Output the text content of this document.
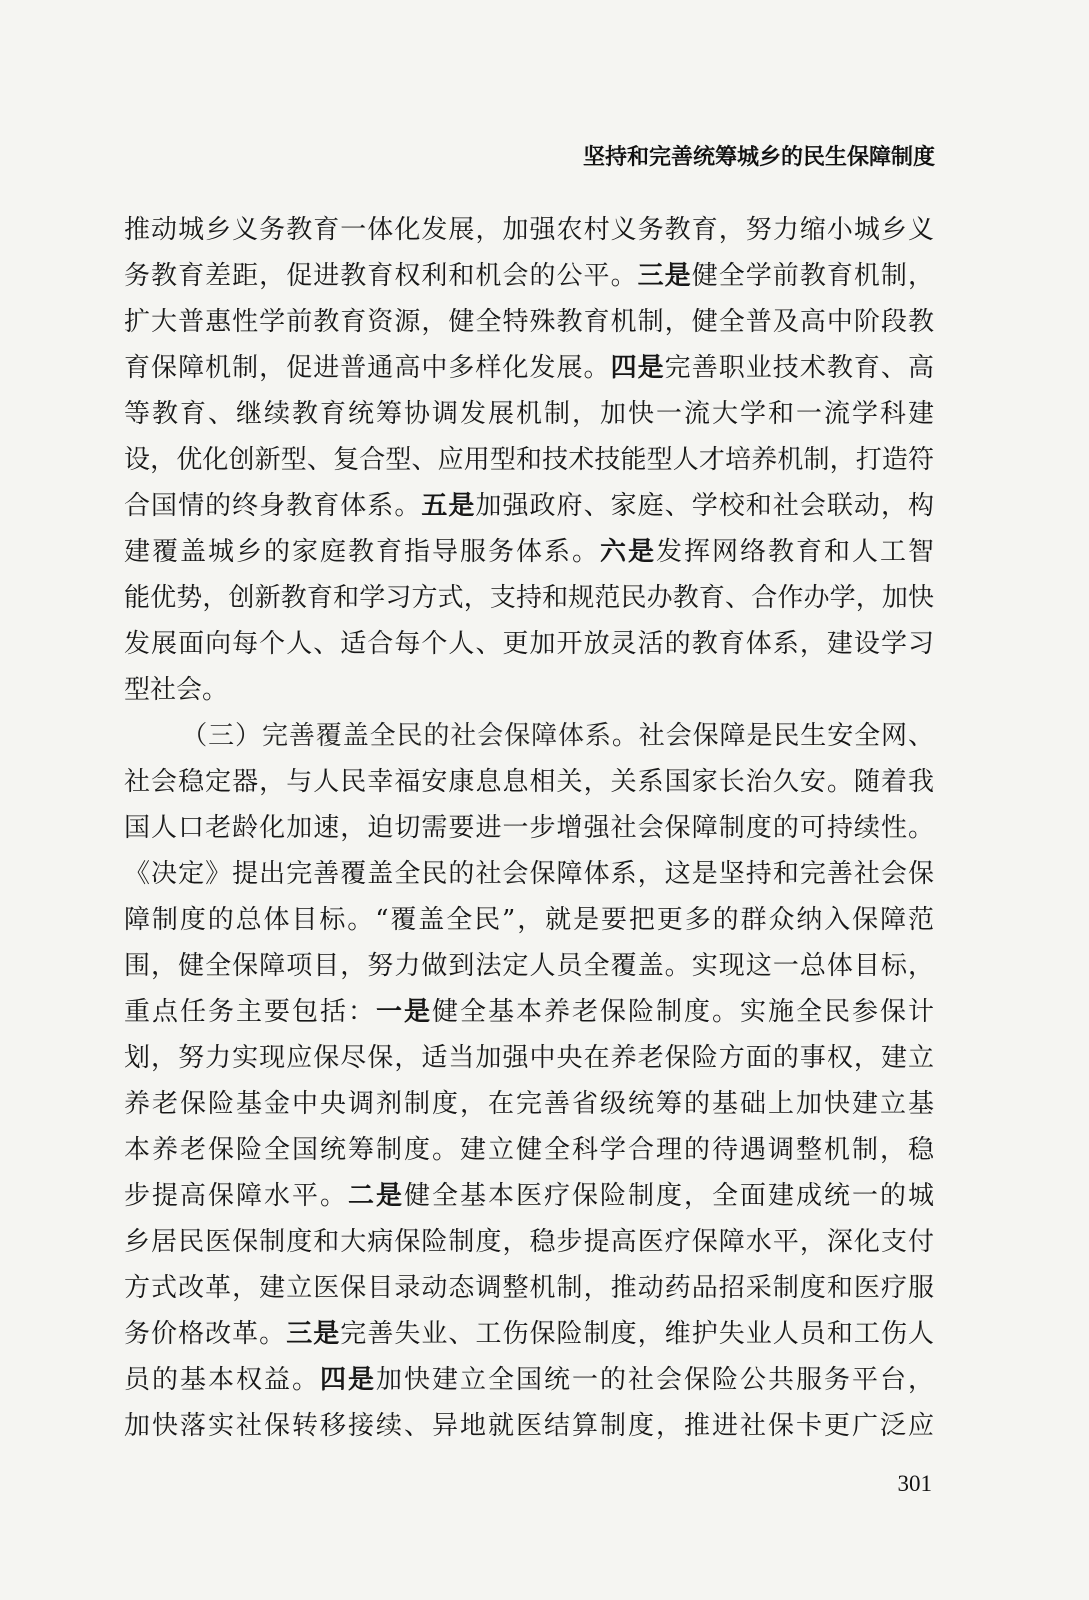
坚持和完善统筹城乡的民生保障制度
推动城乡义务教育一体化发展，加强农村义务教育，努力缩小城乡义
务教育差距，促进教育权利和机会的公平。三是健全学前教育机制，
扩大普惠性学前教育资源，健全特殊教育机制，健全普及高中阶段教
育保障机制，促进普通高中多样化发展。四是完善职业技术教育、高
等教育、继续教育统筹协调发展机制，加快一流大学和一流学科建
设，优化创新型、复合型、应用型和技术技能型人才培养机制，打造符
合国情的终身教育体系。五是加强政府、家庭、学校和社会联动，构
建覆盖城乡的家庭教育指导服务体系。六是发挥网络教育和人工智
能优势，创新教育和学习方式，支持和规范民办教育、合作办学，加快
发展面向每个人、适合每个人、更加开放灵活的教育体系，建设学习
型社会。
（三）完善覆盖全民的社会保障体系。社会保障是民生安全网、
社会稳定器，与人民幸福安康息息相关，关系国家长治久安。随着我
国人口老龄化加速，迫切需要进一步增强社会保障制度的可持续性。
《决定》提出完善覆盖全民的社会保障体系，这是坚持和完善社会保
障制度的总体目标。“覆盖全民”，就是要把更多的群众纳入保障范
围，健全保障项目，努力做到法定人员全覆盖。实现这一总体目标，
重点任务主要包括：一是健全基本养老保险制度。实施全民参保计
划，努力实现应保尽保，适当加强中央在养老保险方面的事权，建立
养老保险基金中央调剂制度，在完善省级统筹的基础上加快建立基
本养老保险全国统筹制度。建立健全科学合理的待遇调整机制，稳
步提高保障水平。二是健全基本医疗保险制度，全面建成统一的城
乡居民医保制度和大病保险制度，稳步提高医疗保障水平，深化支付
方式改革，建立医保目录动态调整机制，推动药品招采制度和医疗服
务价格改革。三是完善失业、工伤保险制度，维护失业人员和工伤人
员的基本权益。四是加快建立全国统一的社会保险公共服务平台，
加快落实社保转移接续、异地就医结算制度，推进社保卡更广泛应
301
